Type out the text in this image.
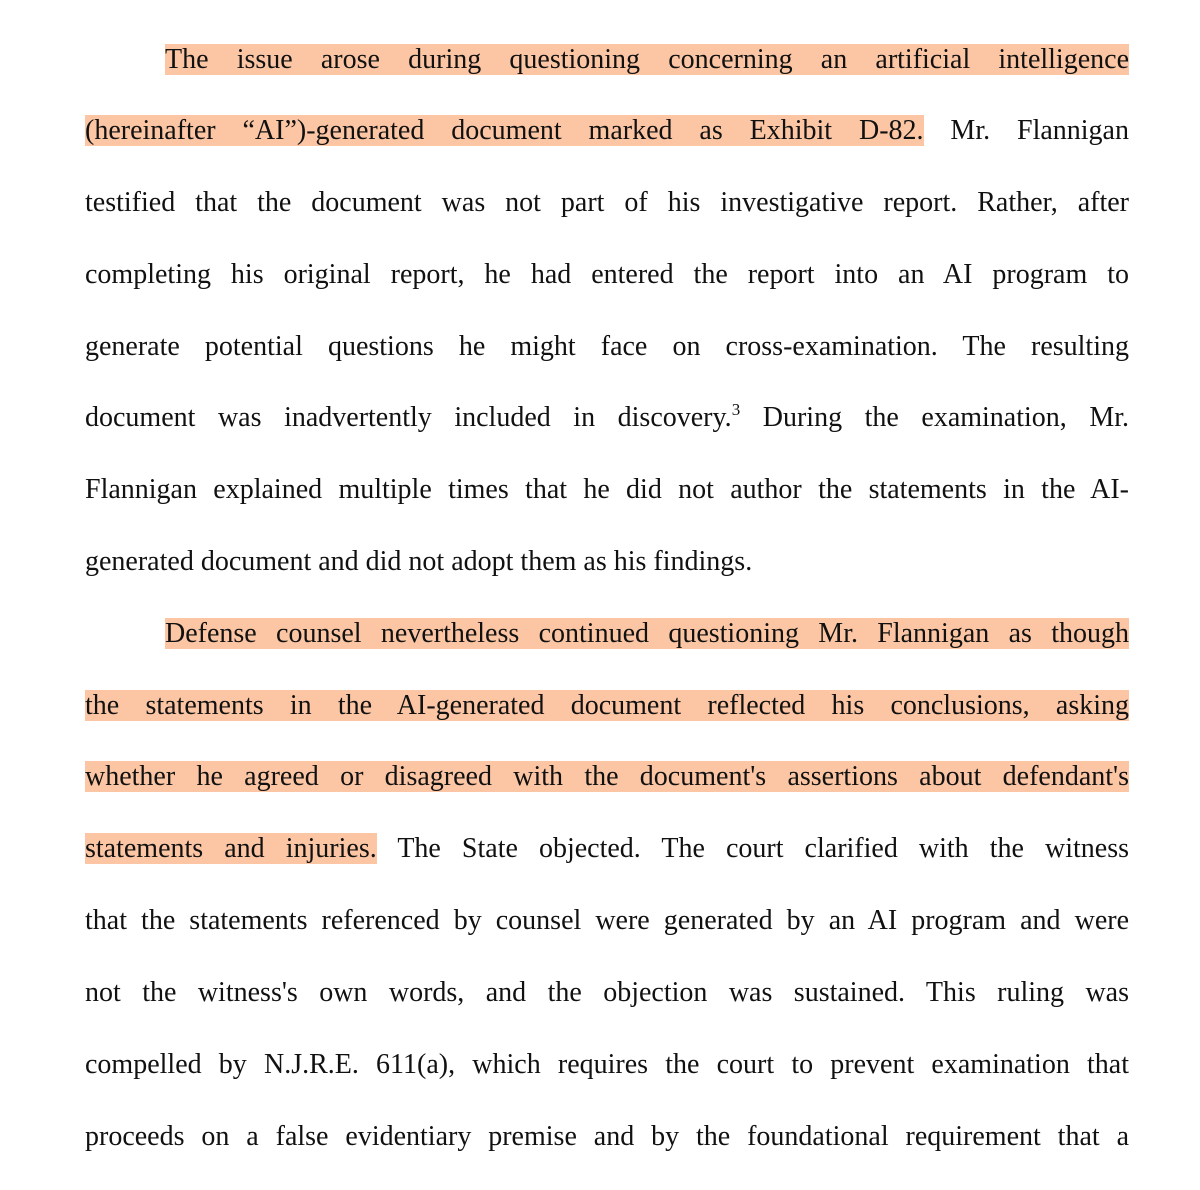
The issue arose during questioning concerning an artificial intelligence
(hereinafter “AI”)-generated document marked as Exhibit D-82. Mr. Flannigan
testified that the document was not part of his investigative report. Rather, after
completing his original report, he had entered the report into an AI program to
generate potential questions he might face on cross-examination. The resulting
document was inadvertently included in discovery.$^3$ During the examination, Mr.
Flannigan explained multiple times that he did not author the statements in the AI-
generated document and did not adopt them as his findings.
Defense counsel nevertheless continued questioning Mr. Flannigan as though
the statements in the AI-generated document reflected his conclusions, asking
whether he agreed or disagreed with the document's assertions about defendant's
statements and injuries. The State objected. The court clarified with the witness
that the statements referenced by counsel were generated by an AI program and were
not the witness's own words, and the objection was sustained. This ruling was
compelled by N.J.R.E. 611(a), which requires the court to prevent examination that
proceeds on a false evidentiary premise and by the foundational requirement that a
